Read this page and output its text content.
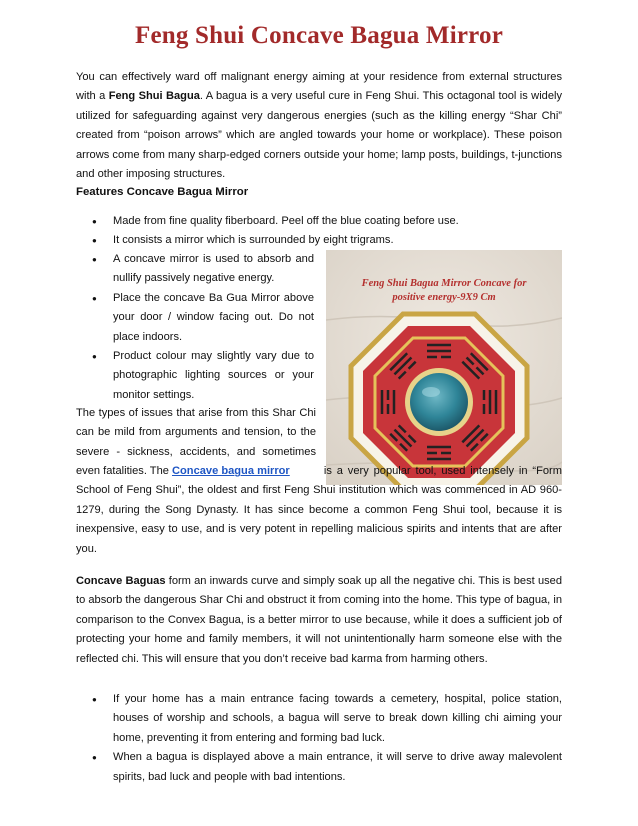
Feng Shui Concave Bagua Mirror
You can effectively ward off malignant energy aiming at your residence from external structures with a Feng Shui Bagua. A bagua is a very useful cure in Feng Shui. This octagonal tool is widely utilized for safeguarding against very dangerous energies (such as the killing energy “Shar Chi” created from “poison arrows” which are angled towards your home or workplace). These poison arrows come from many sharp-edged corners outside your home; lamp posts, buildings, t-junctions and other imposing structures.
Features Concave Bagua Mirror
● Made from fine quality fiberboard. Peel off the blue coating before use.
● It consists a mirror which is surrounded by eight trigrams.
● A concave mirror is used to absorb and nullify passively negative energy.
● Place the concave Ba Gua Mirror above your door / window facing out. Do not place indoors.
● Product colour may slightly vary due to photographic lighting sources or your monitor settings.
Feng Shui Bagua Mirror Concave for
positive energy-9X9 Cm
The types of issues that arise from this Shar Chi can be mild from arguments and tension, to the severe - sickness, accidents, and sometimes even fatalities. The Concave bagua mirror	is a very popular tool, used intensely in “Form School of Feng Shui”, the oldest and first Feng Shui institution which was commenced in AD 960-1279, during the Song Dynasty. It has since become a common Feng Shui tool, because it is inexpensive, easy to use, and is very potent in repelling malicious spirits and intents that are after you.
Concave Baguas form an inwards curve and simply soak up all the negative chi. This is best used to absorb the dangerous Shar Chi and obstruct it from coming into the home. This type of bagua, in comparison to the Convex Bagua, is a better mirror to use because, while it does a sufficient job of protecting your home and family members, it will not unintentionally harm someone else with the reflected chi. This will ensure that you don’t receive bad karma from harming others.
● If your home has a main entrance facing towards a cemetery, hospital, police station, houses of worship and schools, a bagua will serve to break down killing chi aiming your home, preventing it from entering and forming bad luck.
● When a bagua is displayed above a main entrance, it will serve to drive away malevolent spirits, bad luck and people with bad intentions.
